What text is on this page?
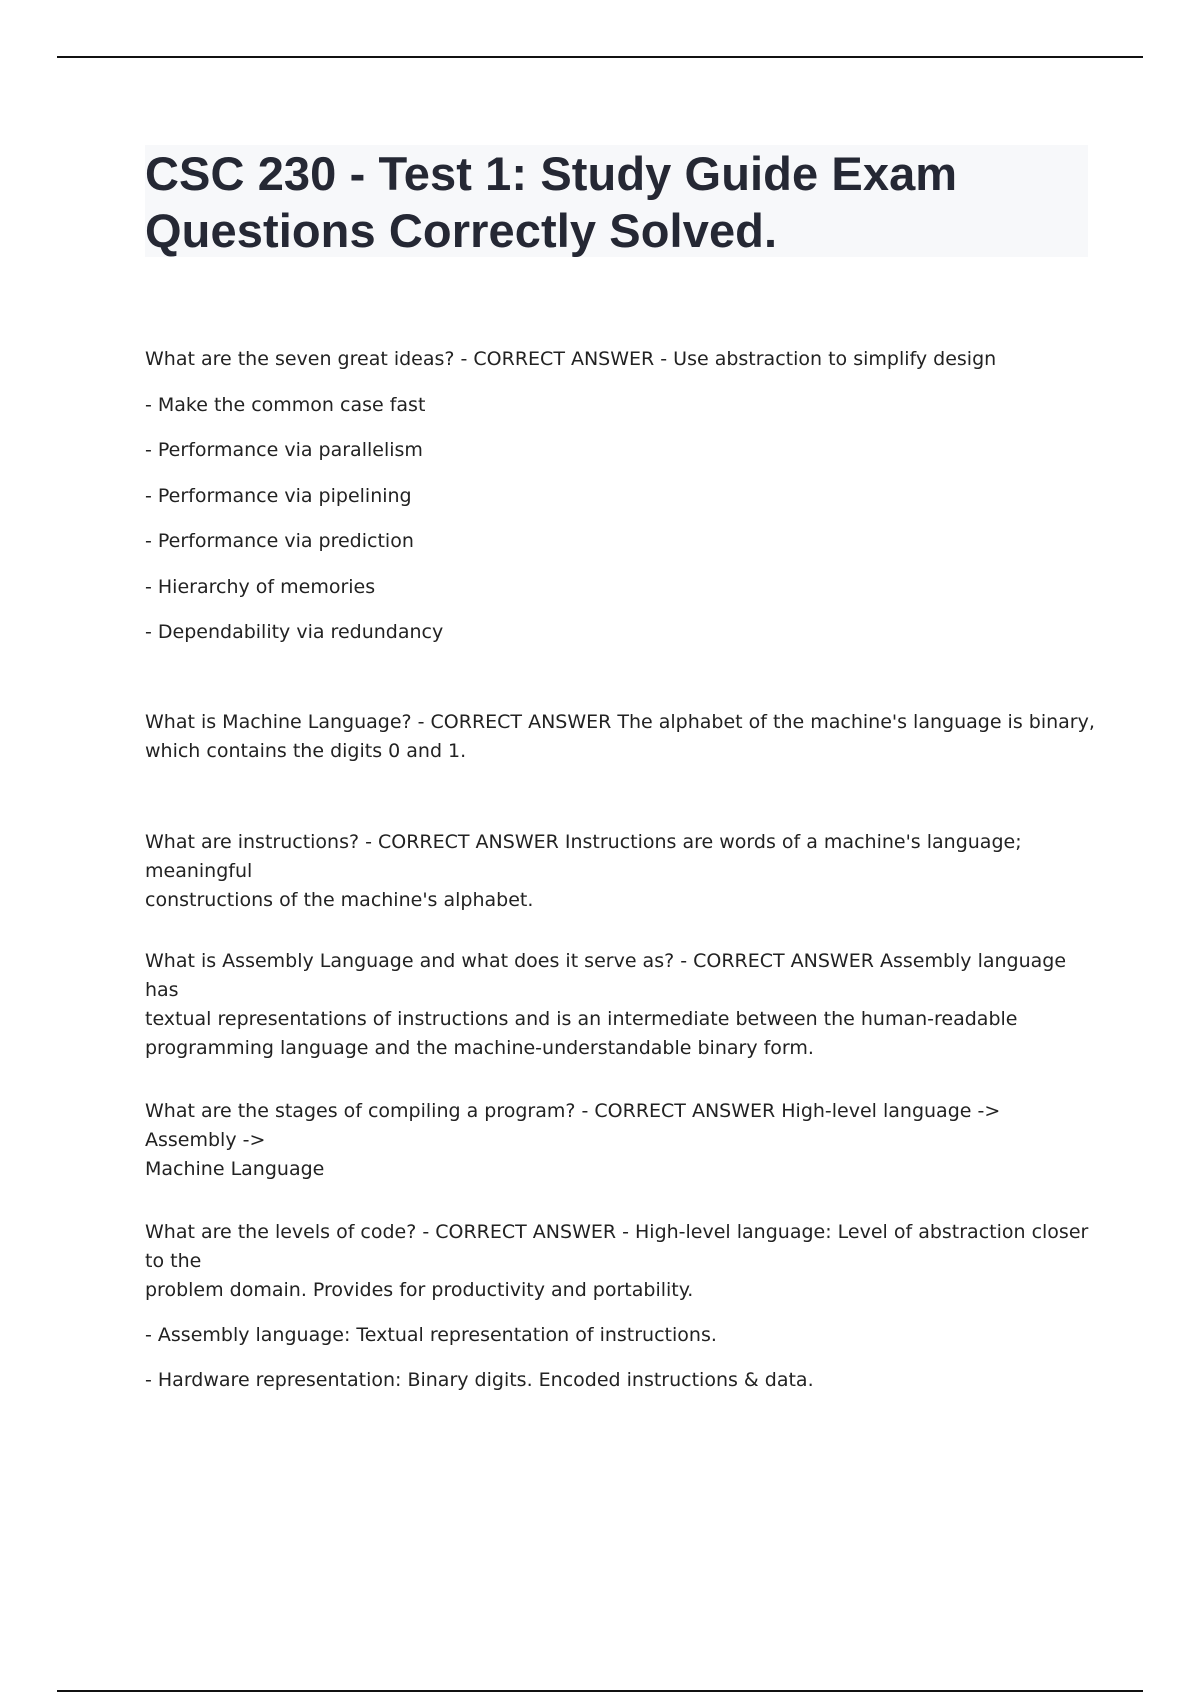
CSC 230 - Test 1: Study Guide Exam
Questions Correctly Solved.

What are the seven great ideas? - CORRECT ANSWER - Use abstraction to simplify design

- Make the common case fast

- Performance via parallelism

- Performance via pipelining

- Performance via prediction

- Hierarchy of memories

- Dependability via redundancy

What is Machine Language? - CORRECT ANSWER The alphabet of the machine's language is binary,

which contains the digits 0 and 1.

What are instructions? - CORRECT ANSWER Instructions are words of a machine's language; meaningful

constructions of the machine's alphabet.

What is Assembly Language and what does it serve as? - CORRECT ANSWER Assembly language has

textual representations of instructions and is an intermediate between the human-readable

programming language and the machine-understandable binary form.

What are the stages of compiling a program? - CORRECT ANSWER High-level language -> Assembly ->

Machine Language

What are the levels of code? - CORRECT ANSWER - High-level language: Level of abstraction closer to the

problem domain. Provides for productivity and portability.

- Assembly language: Textual representation of instructions.

- Hardware representation: Binary digits. Encoded instructions & data.
